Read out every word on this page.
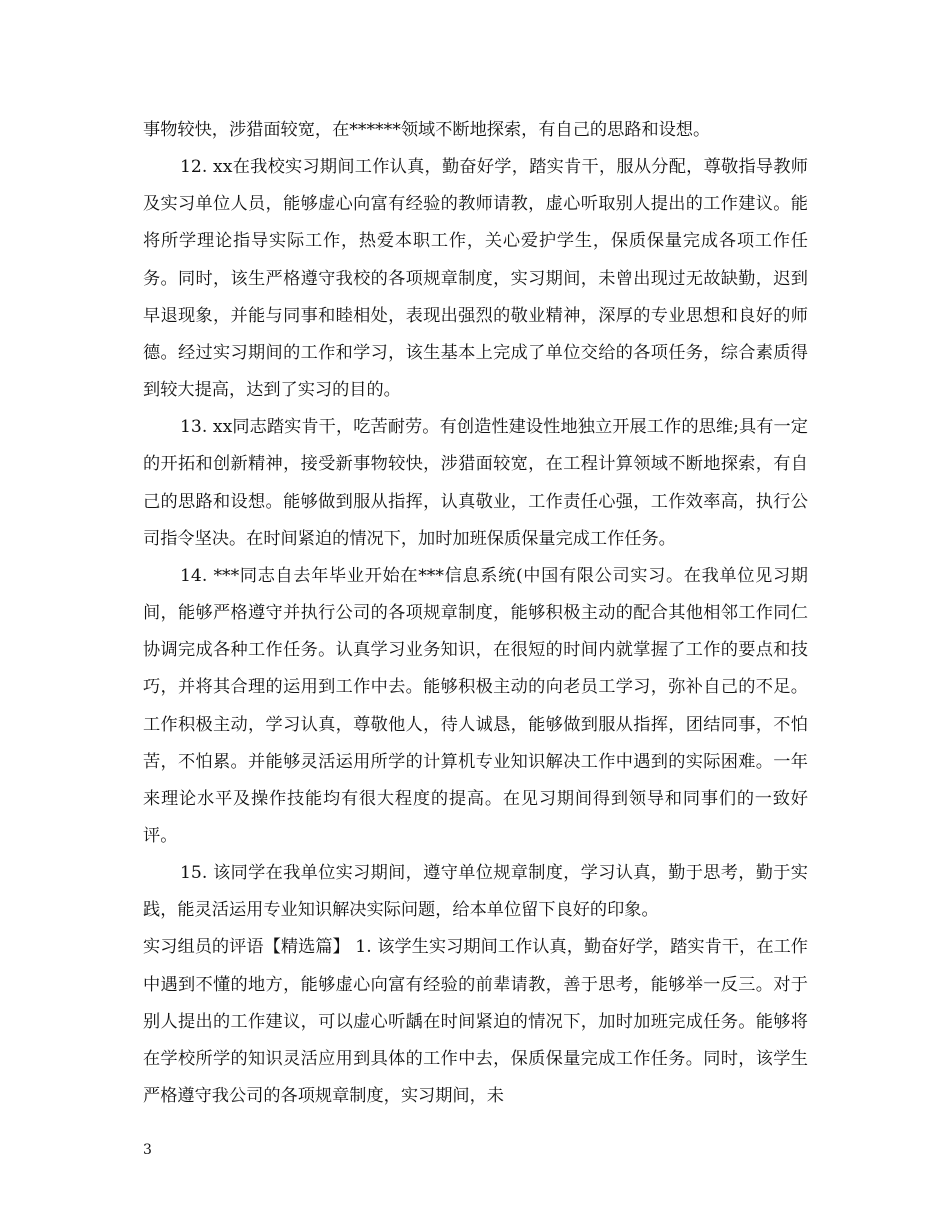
事物较快，涉猎面较宽，在******领域不断地探索，有自己的思路和设想。

12. xx在我校实习期间工作认真，勤奋好学，踏实肯干，服从分配，尊敬指导教师及实习单位人员，能够虚心向富有经验的教师请教，虚心听取别人提出的工作建议。能将所学理论指导实际工作，热爱本职工作，关心爱护学生，保质保量完成各项工作任务。同时，该生严格遵守我校的各项规章制度，实习期间，未曾出现过无故缺勤，迟到早退现象，并能与同事和睦相处，表现出强烈的敬业精神，深厚的专业思想和良好的师德。经过实习期间的工作和学习，该生基本上完成了单位交给的各项任务，综合素质得到较大提高，达到了实习的目的。

13. xx同志踏实肯干，吃苦耐劳。有创造性建设性地独立开展工作的思维;具有一定的开拓和创新精神，接受新事物较快，涉猎面较宽，在工程计算领域不断地探索，有自己的思路和设想。能够做到服从指挥，认真敬业，工作责任心强，工作效率高，执行公司指令坚决。在时间紧迫的情况下，加时加班保质保量完成工作任务。

14. ***同志自去年毕业开始在***信息系统(中国有限公司实习。在我单位见习期间，能够严格遵守并执行公司的各项规章制度，能够积极主动的配合其他相邻工作同仁协调完成各种工作任务。认真学习业务知识，在很短的时间内就掌握了工作的要点和技巧，并将其合理的运用到工作中去。能够积极主动的向老员工学习，弥补自己的不足。工作积极主动，学习认真，尊敬他人，待人诚恳，能够做到服从指挥，团结同事，不怕苦，不怕累。并能够灵活运用所学的计算机专业知识解决工作中遇到的实际困难。一年来理论水平及操作技能均有很大程度的提高。在见习期间得到领导和同事们的一致好评。

15. 该同学在我单位实习期间，遵守单位规章制度，学习认真，勤于思考，勤于实践，能灵活运用专业知识解决实际问题，给本单位留下良好的印象。

实习组员的评语【精选篇】 1. 该学生实习期间工作认真，勤奋好学，踏实肯干，在工作中遇到不懂的地方，能够虚心向富有经验的前辈请教，善于思考，能够举一反三。对于别人提出的工作建议，可以虚心听龋在时间紧迫的情况下，加时加班完成任务。能够将在学校所学的知识灵活应用到具体的工作中去，保质保量完成工作任务。同时，该学生严格遵守我公司的各项规章制度，实习期间，未

3
